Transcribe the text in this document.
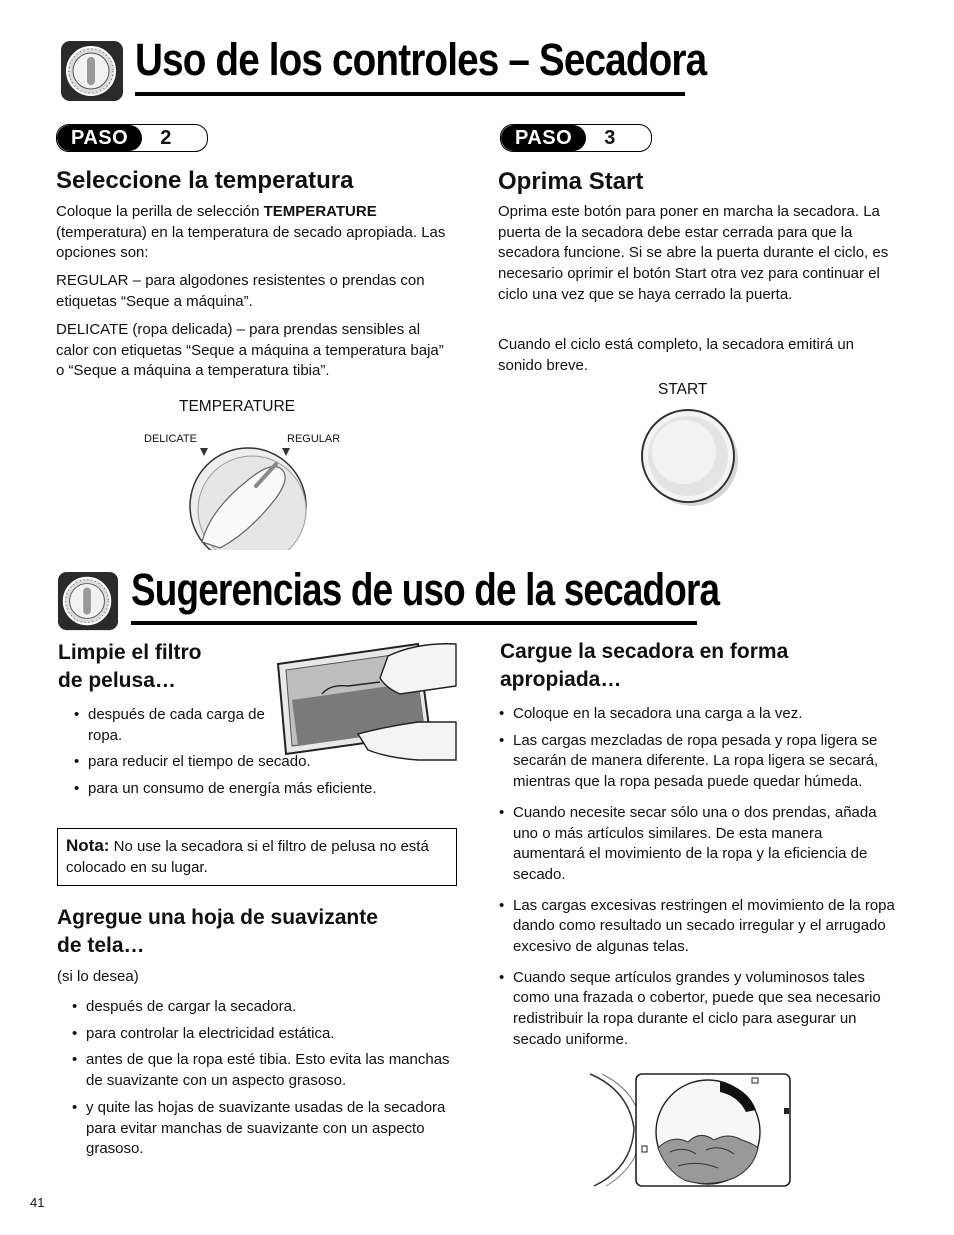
Uso de los controles – Secadora
PASO	2
Seleccione la temperatura

Coloque la perilla de selección TEMPERATURE (temperatura) en la temperatura de secado apropiada. Las opciones son:

REGULAR – para algodones resistentes o prendas con etiquetas “Seque a máquina”.

DELICATE (ropa delicada) – para prendas sensibles al calor con etiquetas “Seque a máquina a temperatura baja” o “Seque a máquina a temperatura tibia”.

TEMPERATURE
DELICATE	REGULAR
PASO	3
Oprima Start

Oprima este botón para poner en marcha la secadora. La puerta de la secadora debe estar cerrada para que la secadora funcione. Si se abre la puerta durante el ciclo, es necesario oprimir el botón Start otra vez para continuar el ciclo una vez que se haya cerrado la puerta.

Cuando el ciclo está completo, la secadora emitirá un sonido breve.

START
Sugerencias de uso de la secadora
Limpie el filtro
de pelusa…
• después de cada carga de ropa.
• para reducir el tiempo de secado.
• para un consumo de energía más eficiente.
Nota: No use la secadora si el filtro de pelusa no está colocado en su lugar.
Agregue una hoja de suavizante
de tela…

(si lo desea)

• después de cargar la secadora.
• para controlar la electricidad estática.
• antes de que la ropa esté tibia. Esto evita las manchas de suavizante con un aspecto grasoso.
• y quite las hojas de suavizante usadas de la secadora para evitar manchas de suavizante con un aspecto grasoso.
Cargue la secadora en forma
apropiada…
• Coloque en la secadora una carga a la vez.
• Las cargas mezcladas de ropa pesada y ropa ligera se secarán de manera diferente. La ropa ligera se secará, mientras que la ropa pesada puede quedar húmeda.
• Cuando necesite secar sólo una o dos prendas, añada uno o más artículos similares. De esta manera aumentará el movimiento de la ropa y la eficiencia de secado.
• Las cargas excesivas restringen el movimiento de la ropa dando como resultado un secado irregular y el arrugado excesivo de algunas telas.
• Cuando seque artículos grandes y voluminosos tales como una frazada o cobertor, puede que sea necesario redistribuir la ropa durante el ciclo para asegurar un secado uniforme.
41
